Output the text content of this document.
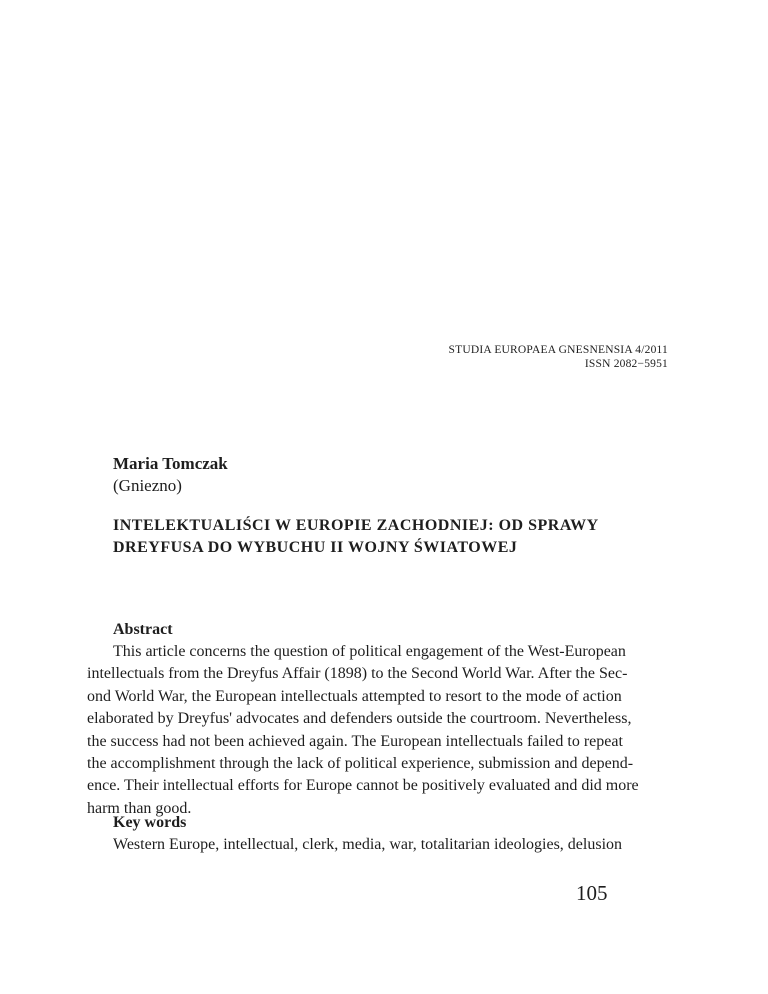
STUDIA EUROPAEA GNESNENSIA 4/2011
ISSN 2082−5951
Maria Tomczak
(Gniezno)
INTELEKTUALIŚCI W EUROPIE ZACHODNIEJ: OD SPRAWY
DREYFUSA DO WYBUCHU II WOJNY ŚWIATOWEJ
Abstract
This article concerns the question of political engagement of the West-European
intellectuals from the Dreyfus Affair (1898) to the Second World War. After the Sec-
ond World War, the European intellectuals attempted to resort to the mode of action
elaborated by Dreyfus' advocates and defenders outside the courtroom. Nevertheless,
the success had not been achieved again. The European intellectuals failed to repeat
the accomplishment through the lack of political experience, submission and depend-
ence. Their intellectual efforts for Europe cannot be positively evaluated and did more
harm than good.
Key words
Western Europe, intellectual, clerk, media, war, totalitarian ideologies, delusion
105
